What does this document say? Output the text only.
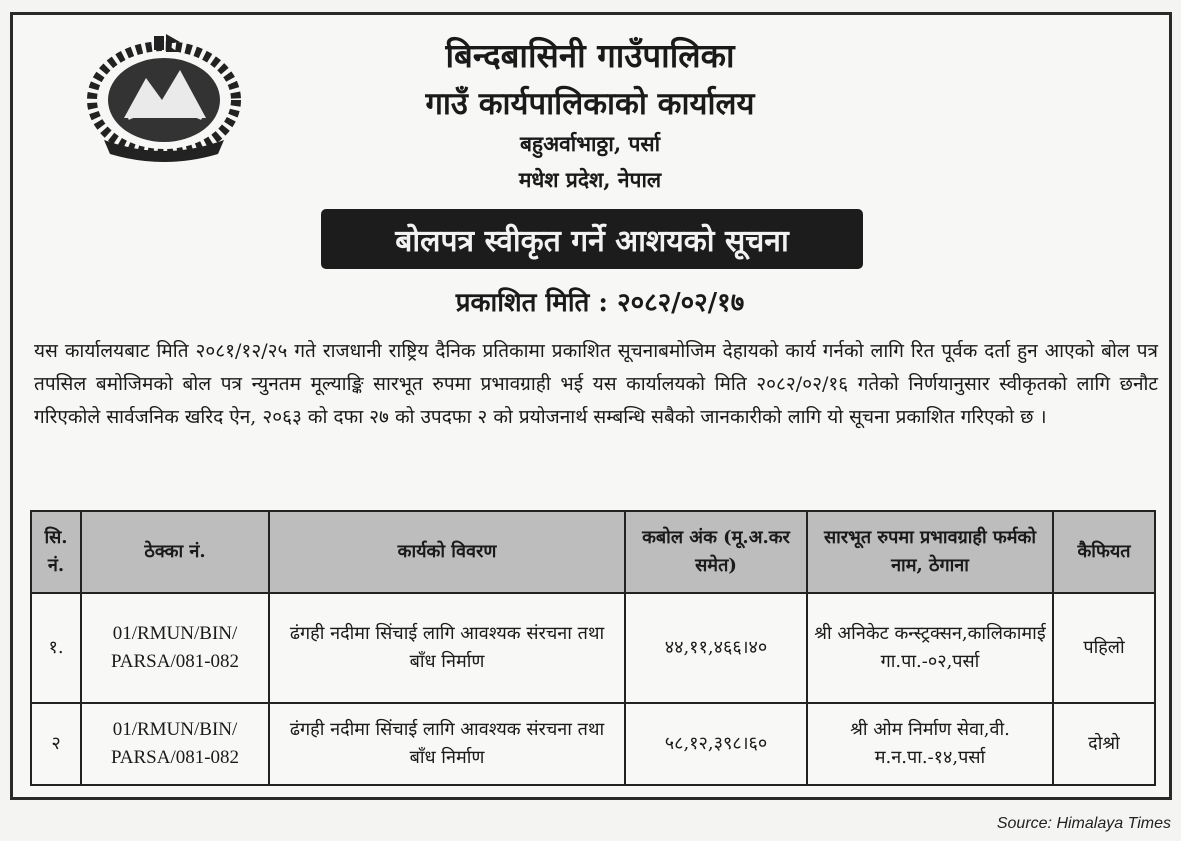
बिन्दबासिनी गाउँपालिका
गाउँ कार्यपालिकाको कार्यालय
बहुअर्वाभाठ्ठा, पर्सा
मधेश प्रदेश, नेपाल
बोलपत्र स्वीकृत गर्ने आशयको सूचना
प्रकाशित मिति : २०८२/०२/१७
यस कार्यालयबाट मिति २०८१/१२/२५ गते राजधानी राष्ट्रिय दैनिक प्रतिकामा प्रकाशित सूचनाबमोजिम देहायको कार्य गर्नको लागि रित पूर्वक दर्ता हुन आएको बोल पत्र तपसिल बमोजिमको बोल पत्र न्युनतम मूल्याङ्कि सारभूत रुपमा प्रभावग्राही भई यस कार्यालयको मिति २०८२/०२/१६ गतेको निर्णयानुसार स्वीकृतको लागि छनौट गरिएकोले सार्वजनिक खरिद ऐन, २०६३ को दफा २७ को उपदफा २ को प्रयोजनार्थ सम्बन्धि सबैको जानकारीको लागि यो सूचना प्रकाशित गरिएको छ ।
सि. नं.	ठेक्का नं.	कार्यको विवरण	कबोल अंक (मू.अ.कर समेत)	सारभूत रुपमा प्रभावग्राही फर्मको नाम, ठेगाना	कैफियत
१.	01/RMUN/BIN/ PARSA/081-082	ढंगही नदीमा सिंचाई लागि आवश्यक संरचना तथा बाँध निर्माण	४४,११,४६६।४०	श्री अनिकेट कन्स्ट्रक्सन,कालिकामाई गा.पा.-०२,पर्सा	पहिलो
२	01/RMUN/BIN/ PARSA/081-082	ढंगही नदीमा सिंचाई लागि आवश्यक संरचना तथा बाँध निर्माण	५८,१२,३९८।६०	श्री ओम निर्माण सेवा,वी. म.न.पा.-१४,पर्सा	दोश्रो
Source: Himalaya Times
